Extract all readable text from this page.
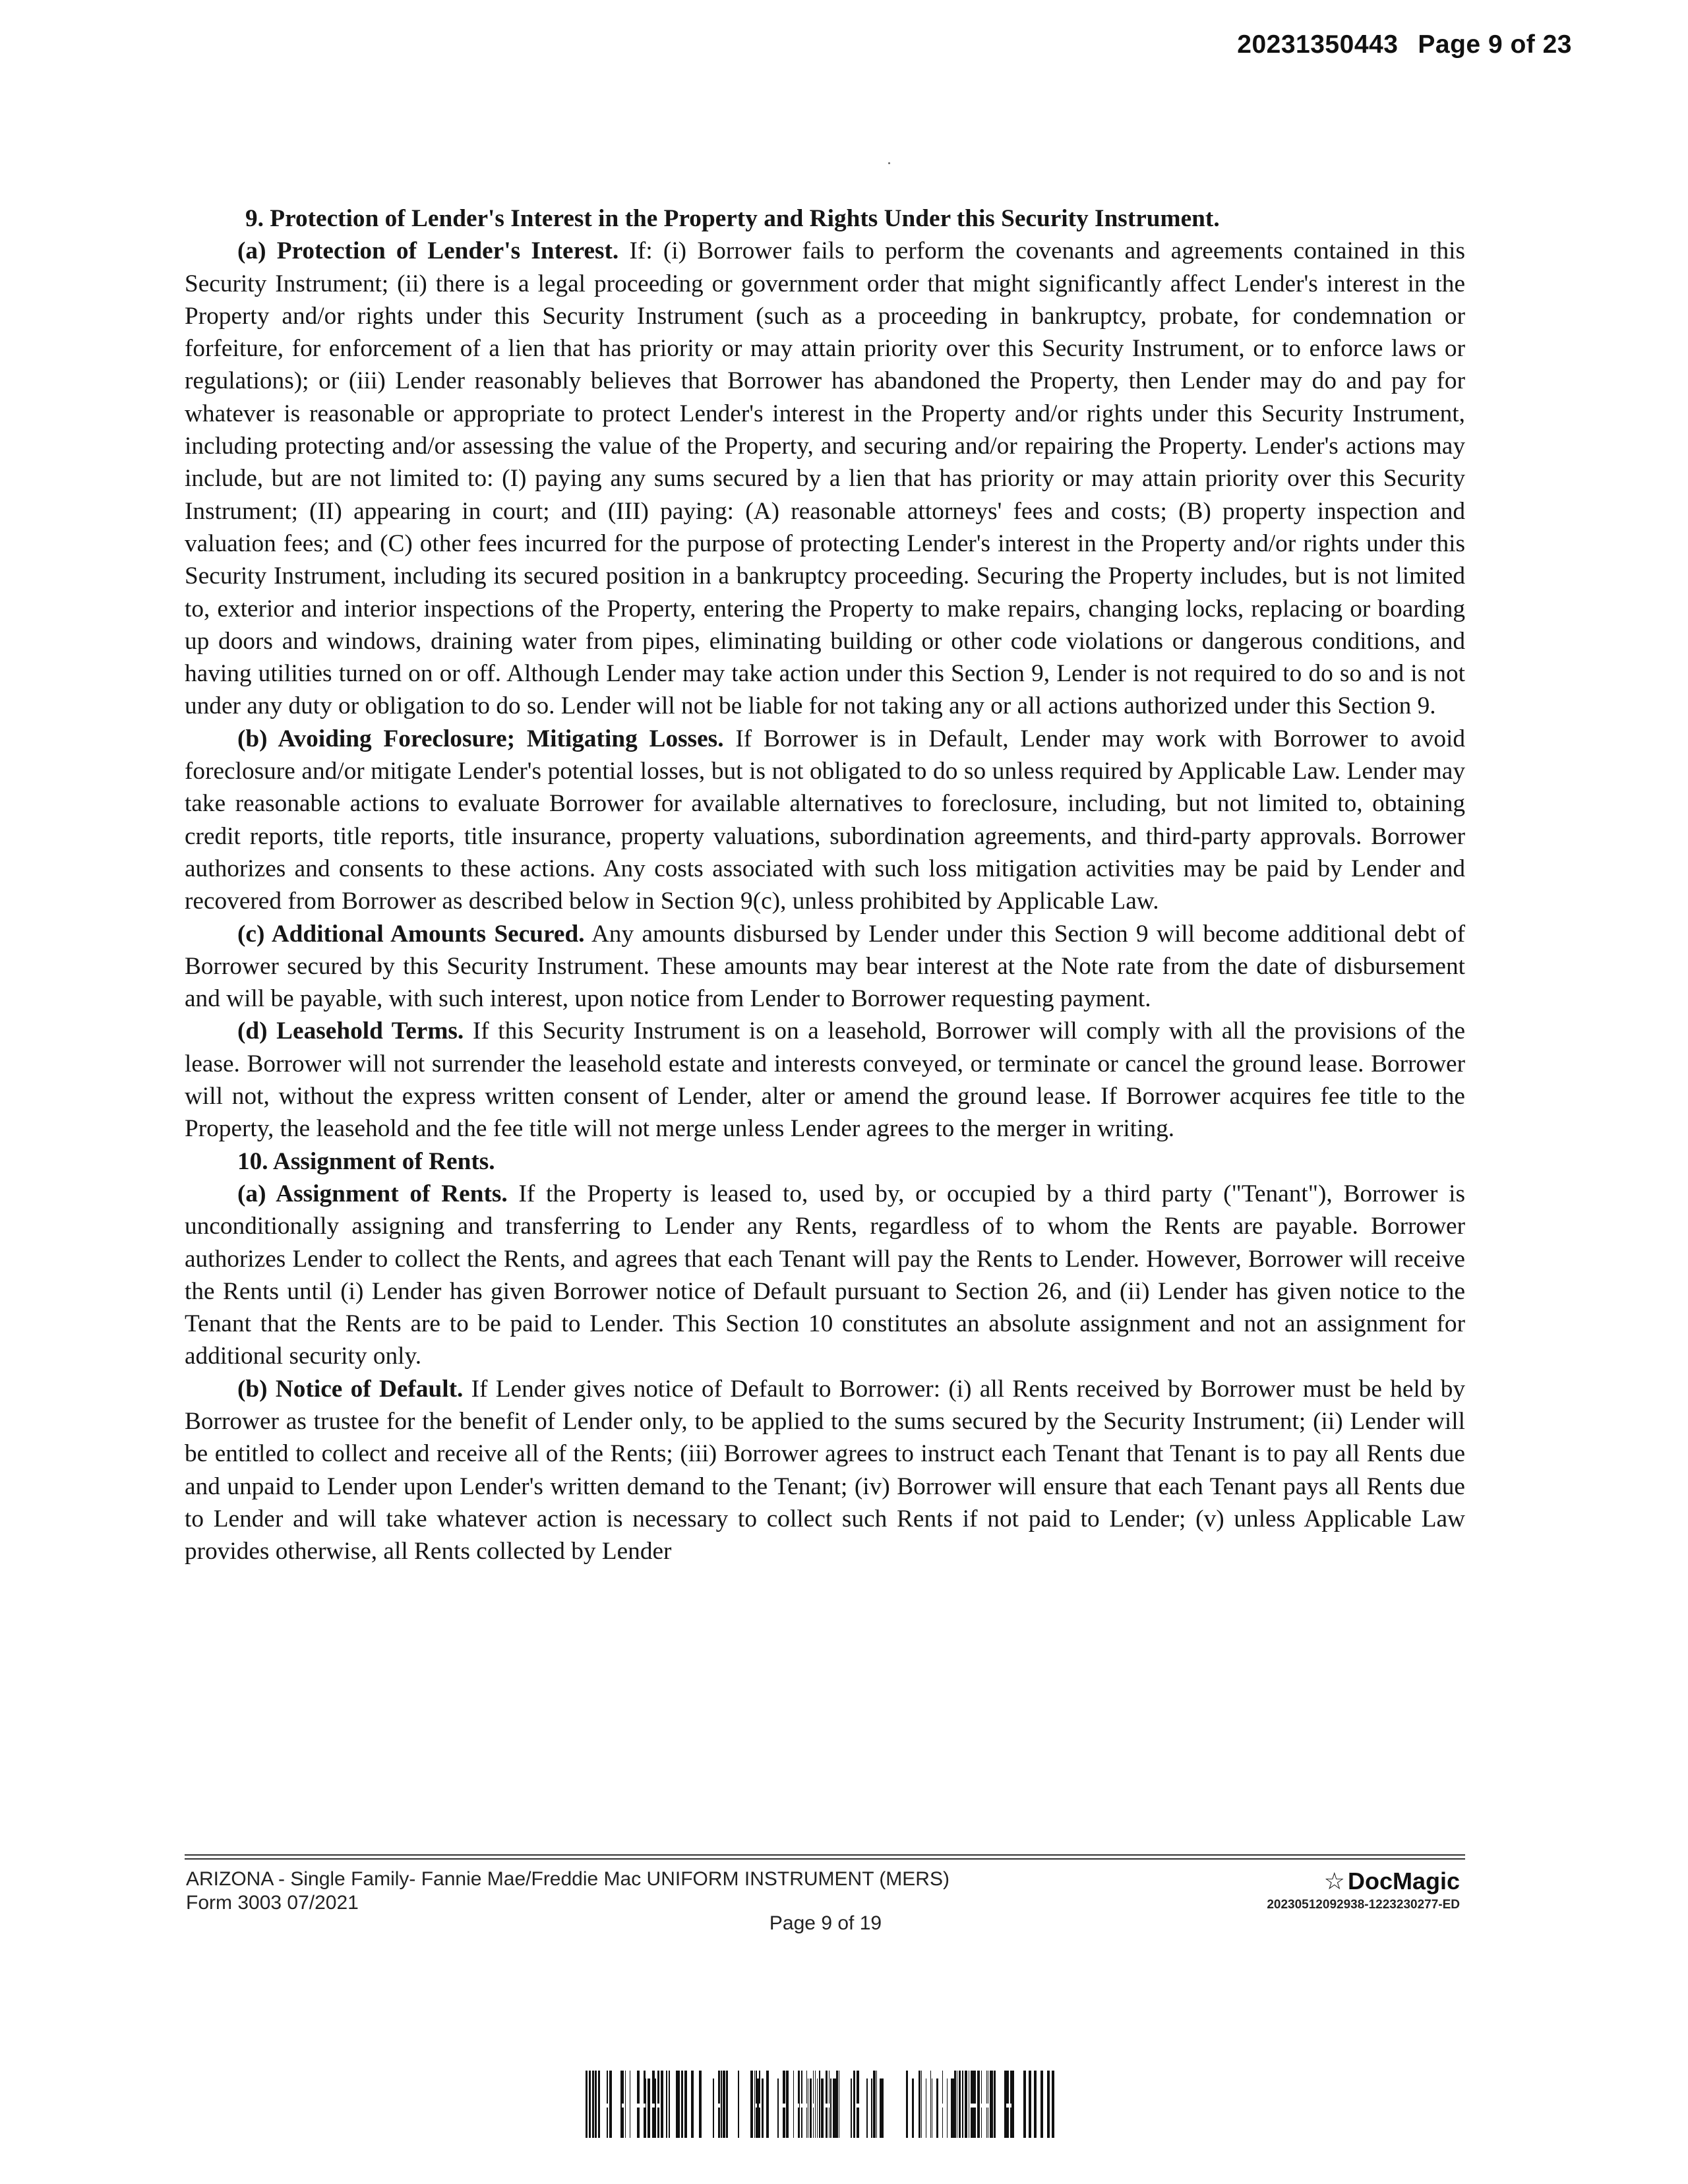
20231350443 Page 9 of 23

9. Protection of Lender's Interest in the Property and Rights Under this Security Instrument.

(a) Protection of Lender's Interest. If: (i) Borrower fails to perform the covenants and agreements contained in this Security Instrument; (ii) there is a legal proceeding or government order that might significantly affect Lender's interest in the Property and/or rights under this Security Instrument (such as a proceeding in bankruptcy, probate, for condemnation or forfeiture, for enforcement of a lien that has priority or may attain priority over this Security Instrument, or to enforce laws or regulations); or (iii) Lender reasonably believes that Borrower has abandoned the Property, then Lender may do and pay for whatever is reasonable or appropriate to protect Lender's interest in the Property and/or rights under this Security Instrument, including protecting and/or assessing the value of the Property, and securing and/or repairing the Property. Lender's actions may include, but are not limited to: (I) paying any sums secured by a lien that has priority or may attain priority over this Security Instrument; (II) appearing in court; and (III) paying: (A) reasonable attorneys' fees and costs; (B) property inspection and valuation fees; and (C) other fees incurred for the purpose of protecting Lender's interest in the Property and/or rights under this Security Instrument, including its secured position in a bankruptcy proceeding. Securing the Property includes, but is not limited to, exterior and interior inspections of the Property, entering the Property to make repairs, changing locks, replacing or boarding up doors and windows, draining water from pipes, eliminating building or other code violations or dangerous conditions, and having utilities turned on or off. Although Lender may take action under this Section 9, Lender is not required to do so and is not under any duty or obligation to do so. Lender will not be liable for not taking any or all actions authorized under this Section 9.

(b) Avoiding Foreclosure; Mitigating Losses. If Borrower is in Default, Lender may work with Borrower to avoid foreclosure and/or mitigate Lender's potential losses, but is not obligated to do so unless required by Applicable Law. Lender may take reasonable actions to evaluate Borrower for available alternatives to foreclosure, including, but not limited to, obtaining credit reports, title reports, title insurance, property valuations, subordination agreements, and third-party approvals. Borrower authorizes and consents to these actions. Any costs associated with such loss mitigation activities may be paid by Lender and recovered from Borrower as described below in Section 9(c), unless prohibited by Applicable Law.

(c) Additional Amounts Secured. Any amounts disbursed by Lender under this Section 9 will become additional debt of Borrower secured by this Security Instrument. These amounts may bear interest at the Note rate from the date of disbursement and will be payable, with such interest, upon notice from Lender to Borrower requesting payment.

(d) Leasehold Terms. If this Security Instrument is on a leasehold, Borrower will comply with all the provisions of the lease. Borrower will not surrender the leasehold estate and interests conveyed, or terminate or cancel the ground lease. Borrower will not, without the express written consent of Lender, alter or amend the ground lease. If Borrower acquires fee title to the Property, the leasehold and the fee title will not merge unless Lender agrees to the merger in writing.

10. Assignment of Rents.

(a) Assignment of Rents. If the Property is leased to, used by, or occupied by a third party ("Tenant"), Borrower is unconditionally assigning and transferring to Lender any Rents, regardless of to whom the Rents are payable. Borrower authorizes Lender to collect the Rents, and agrees that each Tenant will pay the Rents to Lender. However, Borrower will receive the Rents until (i) Lender has given Borrower notice of Default pursuant to Section 26, and (ii) Lender has given notice to the Tenant that the Rents are to be paid to Lender. This Section 10 constitutes an absolute assignment and not an assignment for additional security only.

(b) Notice of Default. If Lender gives notice of Default to Borrower: (i) all Rents received by Borrower must be held by Borrower as trustee for the benefit of Lender only, to be applied to the sums secured by the Security Instrument; (ii) Lender will be entitled to collect and receive all of the Rents; (iii) Borrower agrees to instruct each Tenant that Tenant is to pay all Rents due and unpaid to Lender upon Lender's written demand to the Tenant; (iv) Borrower will ensure that each Tenant pays all Rents due to Lender and will take whatever action is necessary to collect such Rents if not paid to Lender; (v) unless Applicable Law provides otherwise, all Rents collected by Lender

ARIZONA - Single Family- Fannie Mae/Freddie Mac UNIFORM INSTRUMENT (MERS)
Form 3003 07/2021
Page 9 of 19
☆ DocMagic
20230512092938-1223230277-ED
